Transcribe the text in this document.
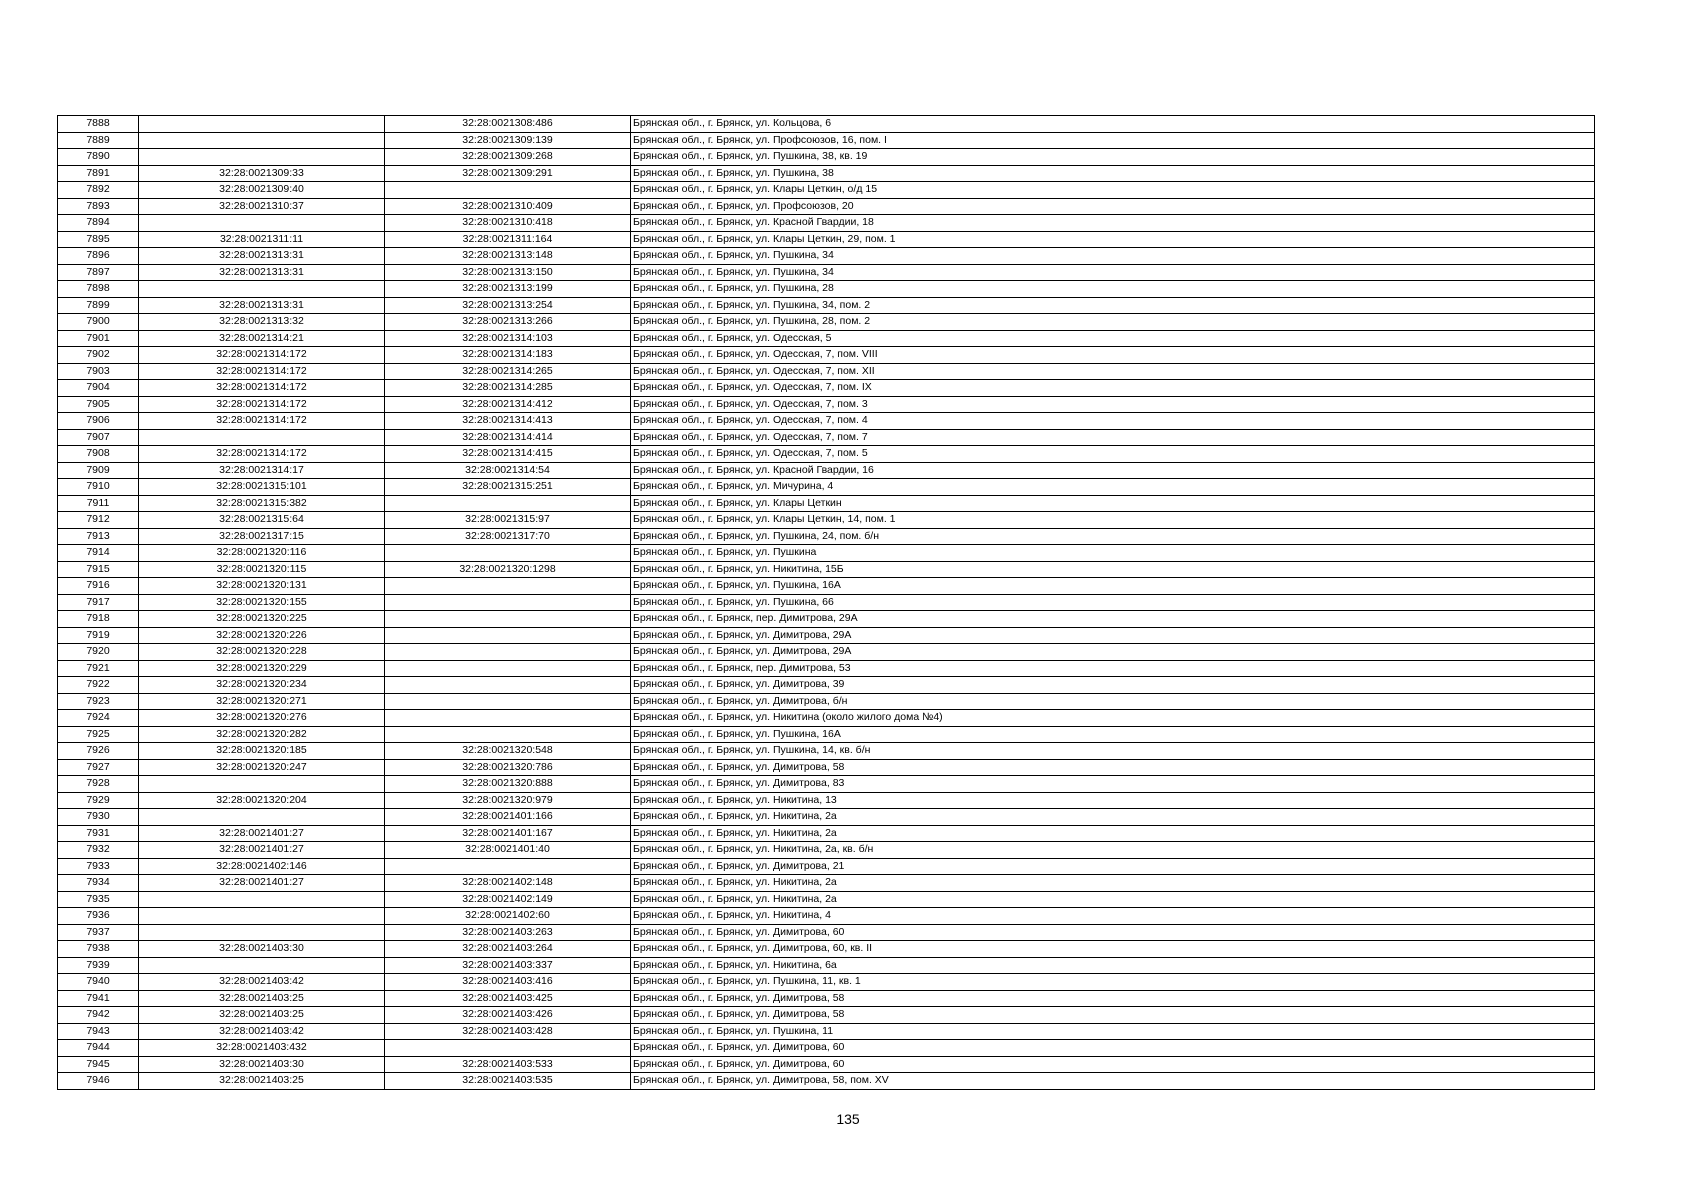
7888		32:28:0021308:486	Брянская обл., г. Брянск, ул. Кольцова, 6
7889		32:28:0021309:139	Брянская обл., г. Брянск, ул. Профсоюзов, 16, пом. I
7890		32:28:0021309:268	Брянская обл., г. Брянск, ул. Пушкина, 38, кв. 19
7891	32:28:0021309:33	32:28:0021309:291	Брянская обл., г. Брянск, ул. Пушкина, 38
7892	32:28:0021309:40		Брянская обл., г. Брянск, ул. Клары Цеткин, о/д 15
7893	32:28:0021310:37	32:28:0021310:409	Брянская обл., г. Брянск, ул. Профсоюзов, 20
7894		32:28:0021310:418	Брянская обл., г. Брянск, ул. Красной Гвардии, 18
7895	32:28:0021311:11	32:28:0021311:164	Брянская обл., г. Брянск, ул. Клары Цеткин, 29, пом. 1
7896	32:28:0021313:31	32:28:0021313:148	Брянская обл., г. Брянск, ул. Пушкина, 34
7897	32:28:0021313:31	32:28:0021313:150	Брянская обл., г. Брянск, ул. Пушкина, 34
7898		32:28:0021313:199	Брянская обл., г. Брянск, ул. Пушкина, 28
7899	32:28:0021313:31	32:28:0021313:254	Брянская обл., г. Брянск, ул. Пушкина, 34, пом. 2
7900	32:28:0021313:32	32:28:0021313:266	Брянская обл., г. Брянск, ул. Пушкина, 28, пом. 2
7901	32:28:0021314:21	32:28:0021314:103	Брянская обл., г. Брянск, ул. Одесская, 5
7902	32:28:0021314:172	32:28:0021314:183	Брянская обл., г. Брянск, ул. Одесская, 7, пом. VIII
7903	32:28:0021314:172	32:28:0021314:265	Брянская обл., г. Брянск, ул. Одесская, 7, пом. XII
7904	32:28:0021314:172	32:28:0021314:285	Брянская обл., г. Брянск, ул. Одесская, 7, пом. IX
7905	32:28:0021314:172	32:28:0021314:412	Брянская обл., г. Брянск, ул. Одесская, 7, пом. 3
7906	32:28:0021314:172	32:28:0021314:413	Брянская обл., г. Брянск, ул. Одесская, 7, пом. 4
7907		32:28:0021314:414	Брянская обл., г. Брянск, ул. Одесская, 7, пом. 7
7908	32:28:0021314:172	32:28:0021314:415	Брянская обл., г. Брянск, ул. Одесская, 7, пом. 5
7909	32:28:0021314:17	32:28:0021314:54	Брянская обл., г. Брянск, ул. Красной Гвардии, 16
7910	32:28:0021315:101	32:28:0021315:251	Брянская обл., г. Брянск, ул. Мичурина, 4
7911	32:28:0021315:382		Брянская обл., г. Брянск, ул. Клары Цеткин
7912	32:28:0021315:64	32:28:0021315:97	Брянская обл., г. Брянск, ул. Клары Цеткин, 14, пом. 1
7913	32:28:0021317:15	32:28:0021317:70	Брянская обл., г. Брянск, ул. Пушкина, 24, пом. б/н
7914	32:28:0021320:116		Брянская обл., г. Брянск, ул. Пушкина
7915	32:28:0021320:115	32:28:0021320:1298	Брянская обл., г. Брянск, ул. Никитина, 15Б
7916	32:28:0021320:131		Брянская обл., г. Брянск, ул. Пушкина, 16А
7917	32:28:0021320:155		Брянская обл., г. Брянск, ул. Пушкина, 66
7918	32:28:0021320:225		Брянская обл., г. Брянск, пер. Димитрова, 29А
7919	32:28:0021320:226		Брянская обл., г. Брянск, ул. Димитрова, 29А
7920	32:28:0021320:228		Брянская обл., г. Брянск, ул. Димитрова, 29А
7921	32:28:0021320:229		Брянская обл., г. Брянск, пер. Димитрова, 53
7922	32:28:0021320:234		Брянская обл., г. Брянск, ул. Димитрова, 39
7923	32:28:0021320:271		Брянская обл., г. Брянск, ул. Димитрова, б/н
7924	32:28:0021320:276		Брянская обл., г. Брянск, ул. Никитина (около жилого дома №4)
7925	32:28:0021320:282		Брянская обл., г. Брянск, ул. Пушкина, 16А
7926	32:28:0021320:185	32:28:0021320:548	Брянская обл., г. Брянск, ул. Пушкина, 14, кв. б/н
7927	32:28:0021320:247	32:28:0021320:786	Брянская обл., г. Брянск, ул. Димитрова, 58
7928		32:28:0021320:888	Брянская обл., г. Брянск, ул. Димитрова, 83
7929	32:28:0021320:204	32:28:0021320:979	Брянская обл., г. Брянск, ул. Никитина, 13
7930		32:28:0021401:166	Брянская обл., г. Брянск, ул. Никитина, 2а
7931	32:28:0021401:27	32:28:0021401:167	Брянская обл., г. Брянск, ул. Никитина, 2а
7932	32:28:0021401:27	32:28:0021401:40	Брянская обл., г. Брянск, ул. Никитина, 2а, кв. б/н
7933	32:28:0021402:146		Брянская обл., г. Брянск, ул. Димитрова, 21
7934	32:28:0021401:27	32:28:0021402:148	Брянская обл., г. Брянск, ул. Никитина, 2а
7935		32:28:0021402:149	Брянская обл., г. Брянск, ул. Никитина, 2а
7936		32:28:0021402:60	Брянская обл., г. Брянск, ул. Никитина, 4
7937		32:28:0021403:263	Брянская обл., г. Брянск, ул. Димитрова, 60
7938	32:28:0021403:30	32:28:0021403:264	Брянская обл., г. Брянск, ул. Димитрова, 60, кв. II
7939		32:28:0021403:337	Брянская обл., г. Брянск, ул. Никитина, 6а
7940	32:28:0021403:42	32:28:0021403:416	Брянская обл., г. Брянск, ул. Пушкина, 11, кв. 1
7941	32:28:0021403:25	32:28:0021403:425	Брянская обл., г. Брянск, ул. Димитрова, 58
7942	32:28:0021403:25	32:28:0021403:426	Брянская обл., г. Брянск, ул. Димитрова, 58
7943	32:28:0021403:42	32:28:0021403:428	Брянская обл., г. Брянск, ул. Пушкина, 11
7944	32:28:0021403:432		Брянская обл., г. Брянск, ул. Димитрова, 60
7945	32:28:0021403:30	32:28:0021403:533	Брянская обл., г. Брянск, ул. Димитрова, 60
7946	32:28:0021403:25	32:28:0021403:535	Брянская обл., г. Брянск, ул. Димитрова, 58, пом. XV
135
